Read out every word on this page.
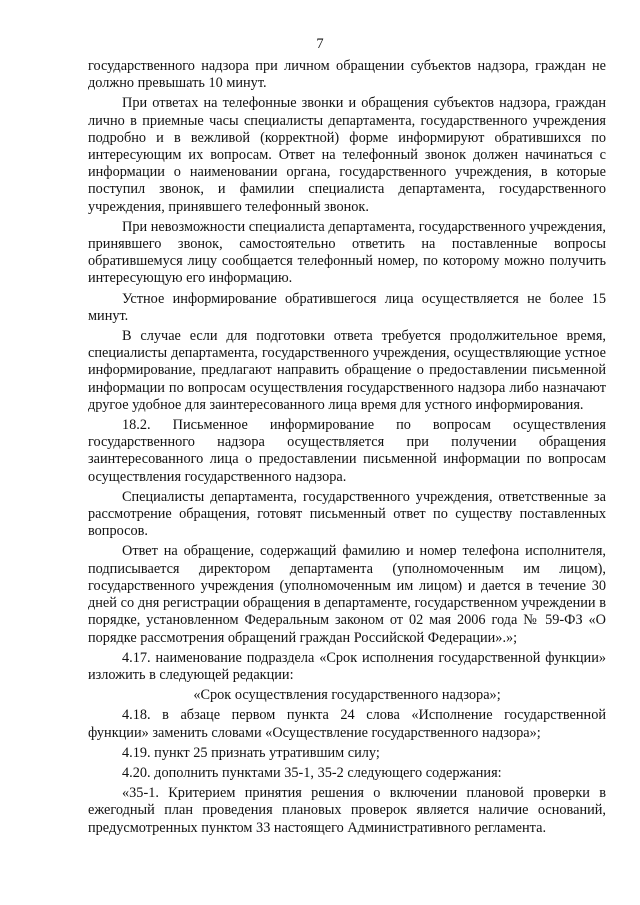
7

государственного надзора при личном обращении субъектов надзора, граждан не должно превышать 10 минут.

При ответах на телефонные звонки и обращения субъектов надзора, граждан лично в приемные часы специалисты департамента, государственного учреждения подробно и в вежливой (корректной) форме информируют обратившихся по интересующим их вопросам. Ответ на телефонный звонок должен начинаться с информации о наименовании органа, государственного учреждения, в которые поступил звонок, и фамилии специалиста департамента, государственного учреждения, принявшего телефонный звонок.

При невозможности специалиста департамента, государственного учреждения, принявшего звонок, самостоятельно ответить на поставленные вопросы обратившемуся лицу сообщается телефонный номер, по которому можно получить интересующую его информацию.

Устное информирование обратившегося лица осуществляется не более 15 минут.

В случае если для подготовки ответа требуется продолжительное время, специалисты департамента, государственного учреждения, осуществляющие устное информирование, предлагают направить обращение о предоставлении письменной информации по вопросам осуществления государственного надзора либо назначают другое удобное для заинтересованного лица время для устного информирования.

18.2. Письменное информирование по вопросам осуществления государственного надзора осуществляется при получении обращения заинтересованного лица о предоставлении письменной информации по вопросам осуществления государственного надзора.

Специалисты департамента, государственного учреждения, ответственные за рассмотрение обращения, готовят письменный ответ по существу поставленных вопросов.

Ответ на обращение, содержащий фамилию и номер телефона исполнителя, подписывается директором департамента (уполномоченным им лицом), государственного учреждения (уполномоченным им лицом) и дается в течение 30 дней со дня регистрации обращения в департаменте, государственном учреждении в порядке, установленном Федеральным законом от 02 мая 2006 года № 59-ФЗ «О порядке рассмотрения обращений граждан Российской Федерации».»;

4.17. наименование подраздела «Срок исполнения государственной функции» изложить в следующей редакции:

«Срок осуществления государственного надзора»;

4.18. в абзаце первом пункта 24 слова «Исполнение государственной функции» заменить словами «Осуществление государственного надзора»;

4.19. пункт 25 признать утратившим силу;

4.20. дополнить пунктами 35-1, 35-2 следующего содержания:

«35-1. Критерием принятия решения о включении плановой проверки в ежегодный план проведения плановых проверок является наличие оснований, предусмотренных пунктом 33 настоящего Административного регламента.
